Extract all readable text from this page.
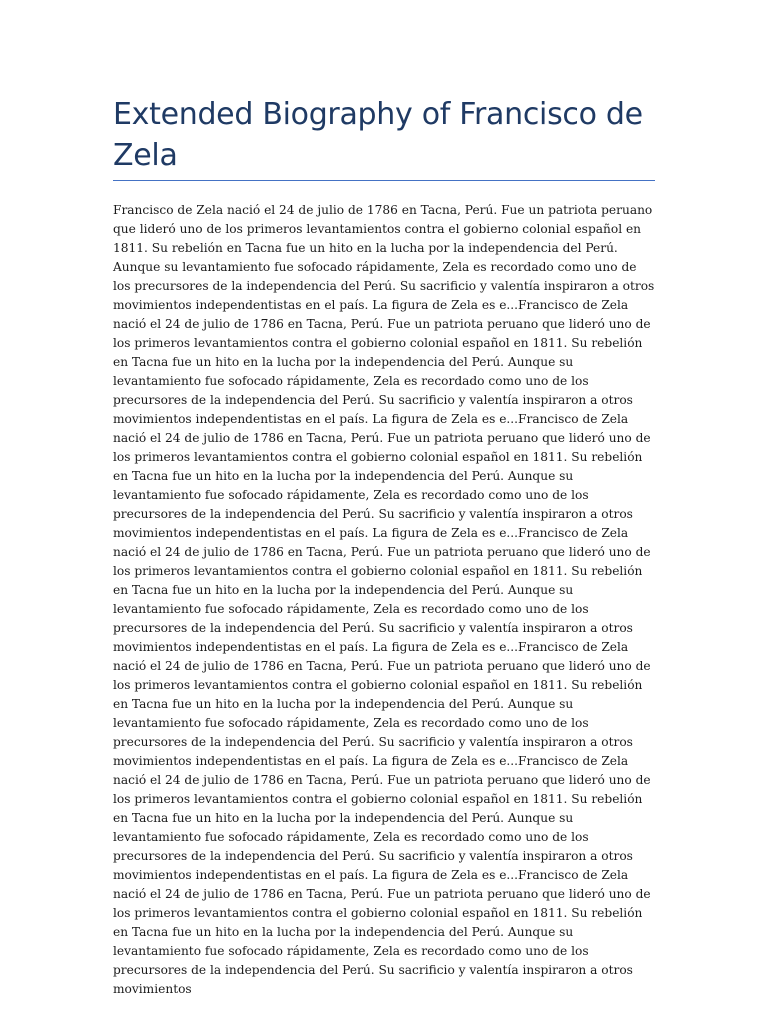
Extended Biography of Francisco de Zela

Francisco de Zela nació el 24 de julio de 1786 en Tacna, Perú. Fue un patriota peruano que lideró uno de los primeros levantamientos contra el gobierno colonial español en 1811. Su rebelión en Tacna fue un hito en la lucha por la independencia del Perú. Aunque su levantamiento fue sofocado rápidamente, Zela es recordado como uno de los precursores de la independencia del Perú. Su sacrificio y valentía inspiraron a otros movimientos independentistas en el país. La figura de Zela es e...Francisco de Zela nació el 24 de julio de 1786 en Tacna, Perú. Fue un patriota peruano que lideró uno de los primeros levantamientos contra el gobierno colonial español en 1811. Su rebelión en Tacna fue un hito en la lucha por la independencia del Perú. Aunque su levantamiento fue sofocado rápidamente, Zela es recordado como uno de los precursores de la independencia del Perú. Su sacrificio y valentía inspiraron a otros movimientos independentistas en el país. La figura de Zela es e...Francisco de Zela nació el 24 de julio de 1786 en Tacna, Perú. Fue un patriota peruano que lideró uno de los primeros levantamientos contra el gobierno colonial español en 1811. Su rebelión en Tacna fue un hito en la lucha por la independencia del Perú. Aunque su levantamiento fue sofocado rápidamente, Zela es recordado como uno de los precursores de la independencia del Perú. Su sacrificio y valentía inspiraron a otros movimientos independentistas en el país. La figura de Zela es e...Francisco de Zela nació el 24 de julio de 1786 en Tacna, Perú. Fue un patriota peruano que lideró uno de los primeros levantamientos contra el gobierno colonial español en 1811. Su rebelión en Tacna fue un hito en la lucha por la independencia del Perú. Aunque su levantamiento fue sofocado rápidamente, Zela es recordado como uno de los precursores de la independencia del Perú. Su sacrificio y valentía inspiraron a otros movimientos independentistas en el país. La figura de Zela es e...Francisco de Zela nació el 24 de julio de 1786 en Tacna, Perú. Fue un patriota peruano que lideró uno de los primeros levantamientos contra el gobierno colonial español en 1811. Su rebelión en Tacna fue un hito en la lucha por la independencia del Perú. Aunque su levantamiento fue sofocado rápidamente, Zela es recordado como uno de los precursores de la independencia del Perú. Su sacrificio y valentía inspiraron a otros movimientos independentistas en el país. La figura de Zela es e...Francisco de Zela nació el 24 de julio de 1786 en Tacna, Perú. Fue un patriota peruano que lideró uno de los primeros levantamientos contra el gobierno colonial español en 1811. Su rebelión en Tacna fue un hito en la lucha por la independencia del Perú. Aunque su levantamiento fue sofocado rápidamente, Zela es recordado como uno de los precursores de la independencia del Perú. Su sacrificio y valentía inspiraron a otros movimientos independentistas en el país. La figura de Zela es e...Francisco de Zela nació el 24 de julio de 1786 en Tacna, Perú. Fue un patriota peruano que lideró uno de los primeros levantamientos contra el gobierno colonial español en 1811. Su rebelión en Tacna fue un hito en la lucha por la independencia del Perú. Aunque su levantamiento fue sofocado rápidamente, Zela es recordado como uno de los precursores de la independencia del Perú. Su sacrificio y valentía inspiraron a otros movimientos
